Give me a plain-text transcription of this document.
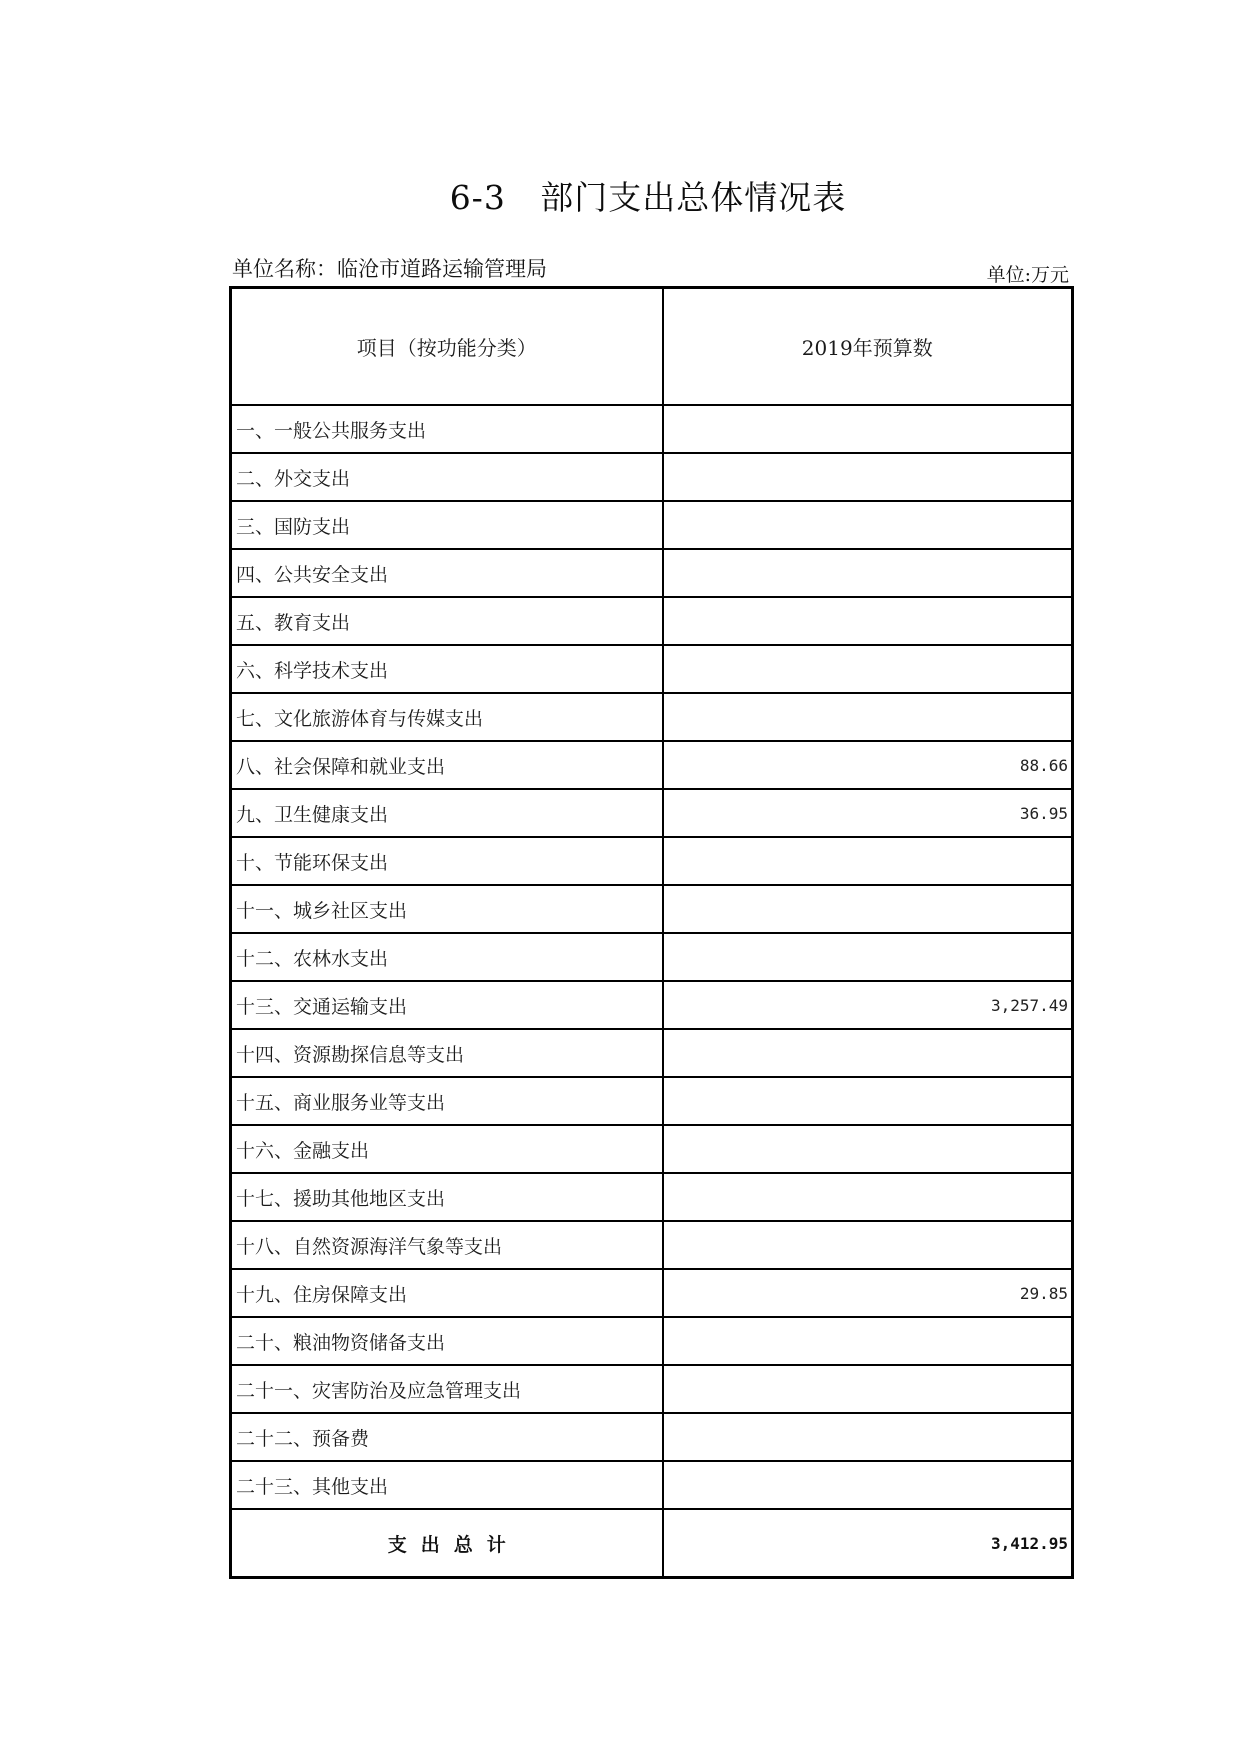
6-3   部门支出总体情况表
单位名称：临沧市道路运输管理局	单位:万元
项目（按功能分类）	2019年预算数
一、一般公共服务支出	
二、外交支出	
三、国防支出	
四、公共安全支出	
五、教育支出	
六、科学技术支出	
七、文化旅游体育与传媒支出	
八、社会保障和就业支出	88.66
九、卫生健康支出	36.95
十、节能环保支出	
十一、城乡社区支出	
十二、农林水支出	
十三、交通运输支出	3,257.49
十四、资源勘探信息等支出	
十五、商业服务业等支出	
十六、金融支出	
十七、援助其他地区支出	
十八、自然资源海洋气象等支出	
十九、住房保障支出	29.85
二十、粮油物资储备支出	
二十一、灾害防治及应急管理支出	
二十二、预备费	
二十三、其他支出	
支出总计	3,412.95
